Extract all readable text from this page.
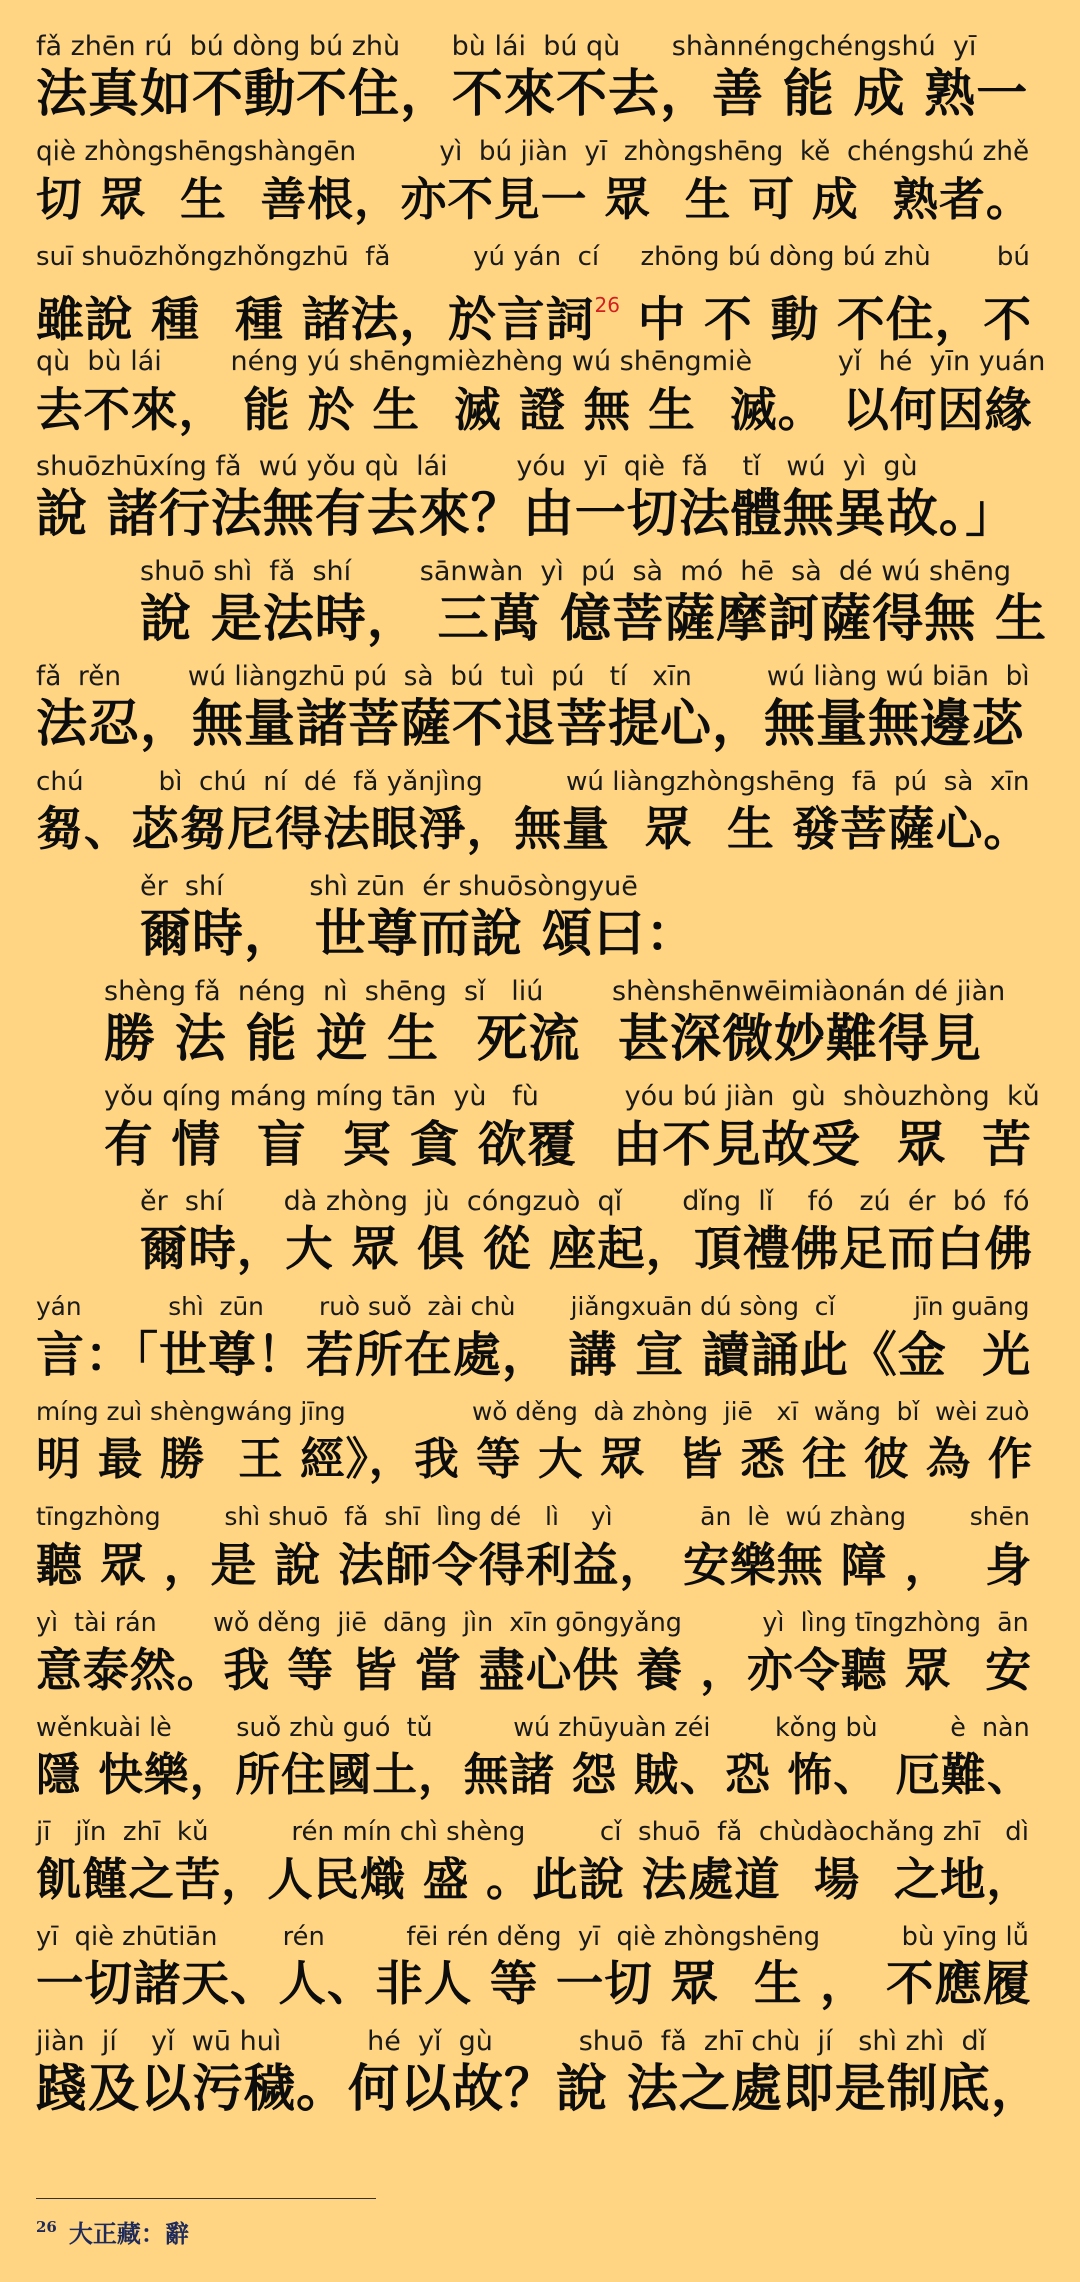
fǎ zhēn rú  bú dòng bú zhù      bù lái  bú qù      shànnéngchéngshú  yī
法真如不動不住，不來不去，善 能 成 熟一
qiè zhòngshēngshàngēn          yì  bú jiàn  yī  zhòngshēng  kě  chéngshú zhě
切 眾  生  善根，亦不見一 眾  生 可 成  熟者。
suī shuōzhǒngzhǒngzhū  fǎ          yú yán  cí     zhōng bú dòng bú zhù        bú
雖說 種  種 諸法，於言詞$^{26}$ 中 不 動 不住，不
qù  bù lái        néng yú shēngmièzhèng wú shēngmiè          yǐ  hé  yīn yuán
去不來， 能 於 生  滅 證 無 生  滅。 以何因緣
shuōzhūxíng fǎ  wú yǒu qù  lái        yóu  yī  qiè  fǎ    tǐ   wú  yì  gù
說 諸行法無有去來？由一切法體無異故。」
shuō shì  fǎ  shí        sānwàn  yì  pú  sà  mó  hē  sà  dé wú shēng
說 是法時， 三萬 億菩薩摩訶薩得無 生
fǎ  rěn        wú liàngzhū pú  sà  bú  tuì  pú   tí   xīn         wú liàng wú biān  bì
法忍，無量諸菩薩不退菩提心，無量無邊苾
chú         bì  chú  ní  dé  fǎ yǎnjìng          wú liàngzhòngshēng  fā  pú  sà  xīn
芻、苾芻尼得法眼淨，無量  眾  生 發菩薩心。
ěr  shí          shì zūn  ér shuōsòngyuē
爾時， 世尊而說 頌曰：
shèng fǎ  néng  nì  shēng  sǐ   liú        shènshēnwēimiàonán dé jiàn
勝 法 能 逆 生  死流  甚深微妙難得見
yǒu qíng máng míng tān  yù   fù          yóu bú jiàn  gù  shòuzhòng  kǔ
有 情  盲  冥 貪 欲覆  由不見故受  眾  苦
ěr  shí       dà zhòng  jù  cóngzuò  qǐ       dǐng  lǐ    fó   zú  ér  bó  fó
爾時，大 眾 俱 從 座起，頂禮佛足而白佛
yán           shì  zūn       ruò suǒ  zài chù       jiǎngxuān dú sòng  cǐ          jīn guāng
言：「世尊！若所在處， 講 宣 讀誦此《金  光
míng zuì shèngwáng jīng                wǒ děng  dà zhòng  jiē   xī  wǎng  bǐ  wèi zuò
明 最 勝  王 經》，我 等 大 眾  皆 悉 往 彼 為 作
tīngzhòng        shì shuō  fǎ  shī  lìng dé   lì    yì           ān  lè  wú zhàng        shēn
聽 眾 ，是 說 法師令得利益， 安樂無 障 ，  身
yì  tài rán       wǒ děng  jiē  dāng  jìn  xīn gōngyǎng          yì  lìng tīngzhòng  ān
意泰然。我 等 皆 當 盡心供 養 ，亦令聽 眾  安
wěnkuài lè        suǒ zhù guó  tǔ          wú zhūyuàn zéi        kǒng bù         è  nàn
隱 快樂，所住國土，無諸 怨 賊、恐 怖、 厄難、
jī   jǐn  zhī  kǔ          rén mín chì shèng         cǐ  shuō  fǎ  chùdàochǎng zhī   dì
飢饉之苦，人民熾 盛 。此說 法處道  場  之地，
yī  qiè zhūtiān        rén          fēi rén děng  yī  qiè zhòngshēng          bù yīng lǚ
一切諸天、人、非人 等 一切 眾  生 ， 不應履
jiàn  jí    yǐ  wū huì          hé  yǐ  gù          shuō  fǎ  zhī chù  jí   shì zhì  dǐ
踐及以污穢。何以故？說 法之處即是制底，
$^{26}$ 大正藏：辭
